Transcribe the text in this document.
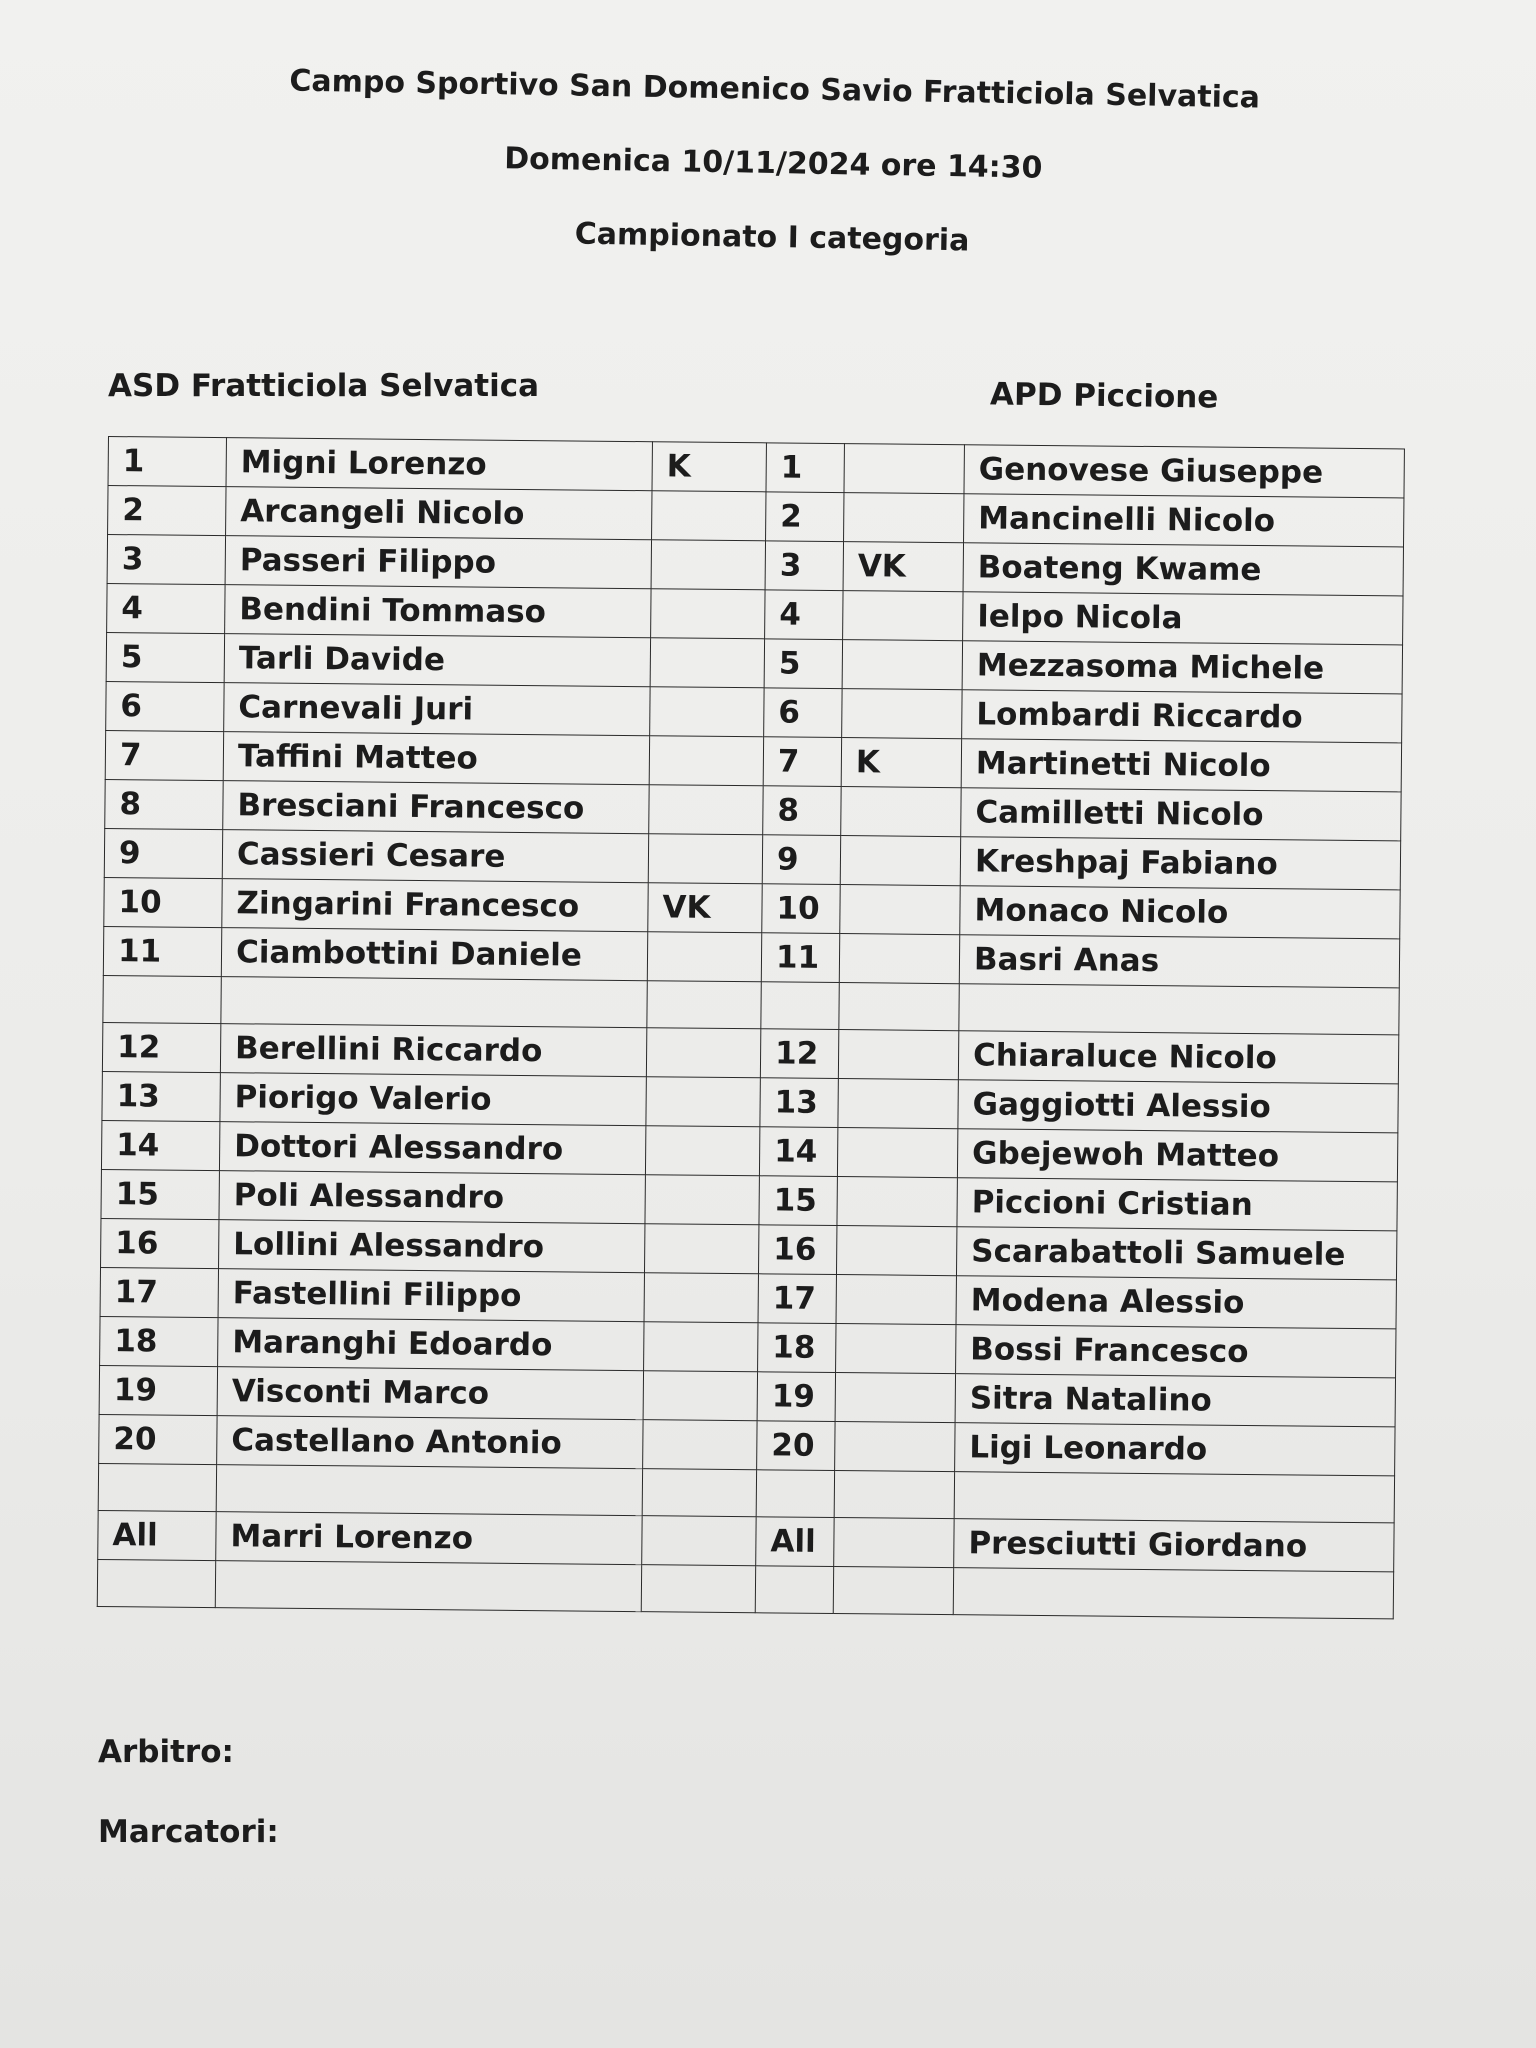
Campo Sportivo San Domenico Savio Fratticiola Selvatica
Domenica 10/11/2024 ore 14:30
Campionato I categoria
ASD Fratticiola Selvatica	APD Piccione
1	Migni Lorenzo	K	1		Genovese Giuseppe
2	Arcangeli Nicolo		2		Mancinelli Nicolo
3	Passeri Filippo		3	VK	Boateng Kwame
4	Bendini Tommaso		4		Ielpo Nicola
5	Tarli Davide		5		Mezzasoma Michele
6	Carnevali Juri		6		Lombardi Riccardo
7	Taffini Matteo		7	K	Martinetti Nicolo
8	Bresciani Francesco		8		Camilletti Nicolo
9	Cassieri Cesare		9		Kreshpaj Fabiano
10	Zingarini Francesco	VK	10		Monaco Nicolo
11	Ciambottini Daniele		11		Basri Anas

12	Berellini Riccardo		12		Chiaraluce Nicolo
13	Piorigo Valerio		13		Gaggiotti Alessio
14	Dottori Alessandro		14		Gbejewoh Matteo
15	Poli Alessandro		15		Piccioni Cristian
16	Lollini Alessandro		16		Scarabattoli Samuele
17	Fastellini Filippo		17		Modena Alessio
18	Maranghi Edoardo		18		Bossi Francesco
19	Visconti Marco		19		Sitra Natalino
20	Castellano Antonio		20		Ligi Leonardo

All	Marri Lorenzo		All		Presciutti Giordano

Arbitro:
Marcatori:
